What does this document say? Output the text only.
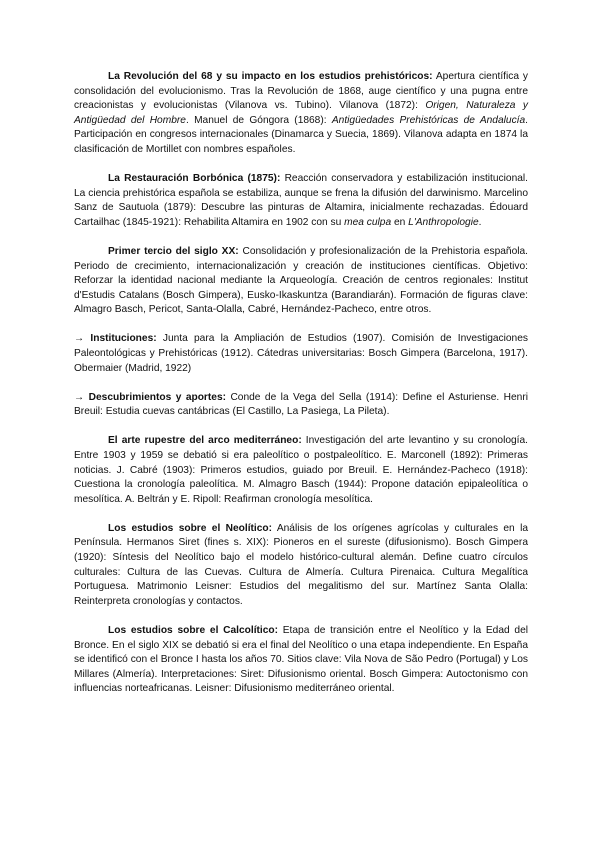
La Revolución del 68 y su impacto en los estudios prehistóricos: Apertura científica y consolidación del evolucionismo. Tras la Revolución de 1868, auge científico y una pugna entre creacionistas y evolucionistas (Vilanova vs. Tubino). Vilanova (1872): Origen, Naturaleza y Antigüedad del Hombre. Manuel de Góngora (1868): Antigüedades Prehistóricas de Andalucía. Participación en congresos internacionales (Dinamarca y Suecia, 1869). Vilanova adapta en 1874 la clasificación de Mortillet con nombres españoles.

La Restauración Borbónica (1875): Reacción conservadora y estabilización institucional. La ciencia prehistórica española se estabiliza, aunque se frena la difusión del darwinismo. Marcelino Sanz de Sautuola (1879): Descubre las pinturas de Altamira, inicialmente rechazadas. Édouard Cartailhac (1845-1921): Rehabilita Altamira en 1902 con su mea culpa en L'Anthropologie.

Primer tercio del siglo XX: Consolidación y profesionalización de la Prehistoria española. Periodo de crecimiento, internacionalización y creación de instituciones científicas. Objetivo: Reforzar la identidad nacional mediante la Arqueología. Creación de centros regionales: Institut d'Estudis Catalans (Bosch Gimpera), Eusko-Ikaskuntza (Barandiarán). Formación de figuras clave: Almagro Basch, Pericot, Santa-Olalla, Cabré, Hernández-Pacheco, entre otros.

→ Instituciones: Junta para la Ampliación de Estudios (1907). Comisión de Investigaciones Paleontológicas y Prehistóricas (1912). Cátedras universitarias: Bosch Gimpera (Barcelona, 1917). Obermaier (Madrid, 1922)

→ Descubrimientos y aportes: Conde de la Vega del Sella (1914): Define el Asturiense. Henri Breuil: Estudia cuevas cantábricas (El Castillo, La Pasiega, La Pileta).

El arte rupestre del arco mediterráneo: Investigación del arte levantino y su cronología. Entre 1903 y 1959 se debatió si era paleolítico o postpaleolítico. E. Marconell (1892): Primeras noticias. J. Cabré (1903): Primeros estudios, guiado por Breuil. E. Hernández-Pacheco (1918): Cuestiona la cronología paleolítica. M. Almagro Basch (1944): Propone datación epipaleolítica o mesolítica. A. Beltrán y E. Ripoll: Reafirman cronología mesolítica.

Los estudios sobre el Neolítico: Análisis de los orígenes agrícolas y culturales en la Península. Hermanos Siret (fines s. XIX): Pioneros en el sureste (difusionismo). Bosch Gimpera (1920): Síntesis del Neolítico bajo el modelo histórico-cultural alemán. Define cuatro círculos culturales: Cultura de las Cuevas. Cultura de Almería. Cultura Pirenaica. Cultura Megalítica Portuguesa. Matrimonio Leisner: Estudios del megalitismo del sur. Martínez Santa Olalla: Reinterpreta cronologías y contactos.

Los estudios sobre el Calcolítico: Etapa de transición entre el Neolítico y la Edad del Bronce. En el siglo XIX se debatió si era el final del Neolítico o una etapa independiente. En España se identificó con el Bronce I hasta los años 70. Sitios clave: Vila Nova de São Pedro (Portugal) y Los Millares (Almería). Interpretaciones: Siret: Difusionismo oriental. Bosch Gimpera: Autoctonismo con influencias norteafricanas. Leisner: Difusionismo mediterráneo oriental.
